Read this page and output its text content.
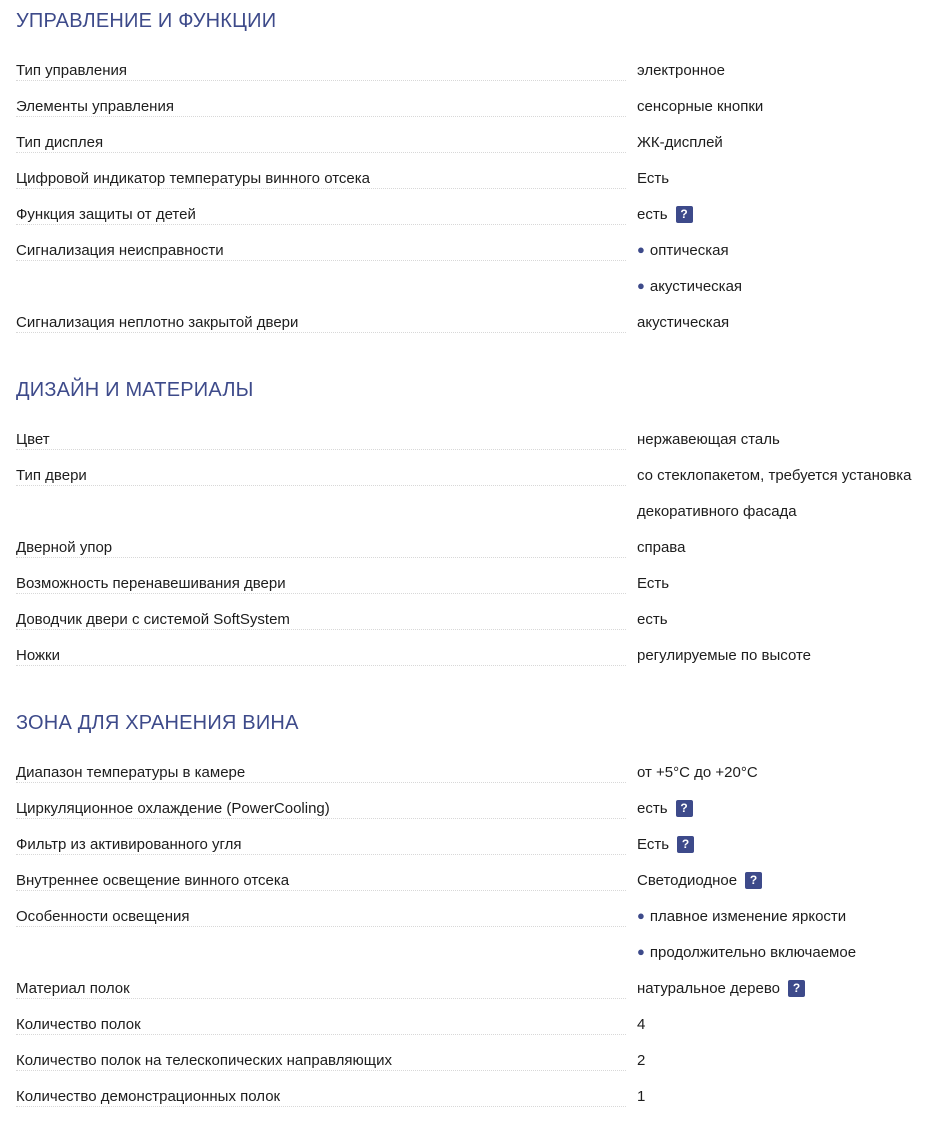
УПРАВЛЕНИЕ И ФУНКЦИИ
Тип управления	электронное
Элементы управления	сенсорные кнопки
Тип дисплея	ЖК-дисплей
Цифровой индикатор температуры винного отсека	Есть
Функция защиты от детей	есть	?
Сигнализация неисправности	● оптическая
● акустическая
Сигнализация неплотно закрытой двери	акустическая
ДИЗАЙН И МАТЕРИАЛЫ
Цвет	нержавеющая сталь
Тип двери	со стеклопакетом, требуется установка
декоративного фасада
Дверной упор	справа
Возможность перенавешивания двери	Есть
Доводчик двери с системой SoftSystem	есть
Ножки	регулируемые по высоте
ЗОНА ДЛЯ ХРАНЕНИЯ ВИНА
Диапазон температуры в камере	от +5°C до +20°C
Циркуляционное охлаждение (PowerCooling)	есть	?
Фильтр из активированного угля	Есть	?
Внутреннее освещение винного отсека	Светодиодное	?
Особенности освещения	● плавное изменение яркости
● продолжительно включаемое
Материал полок	натуральное дерево	?
Количество полок	4
Количество полок на телескопических направляющих	2
Количество демонстрационных полок	1
